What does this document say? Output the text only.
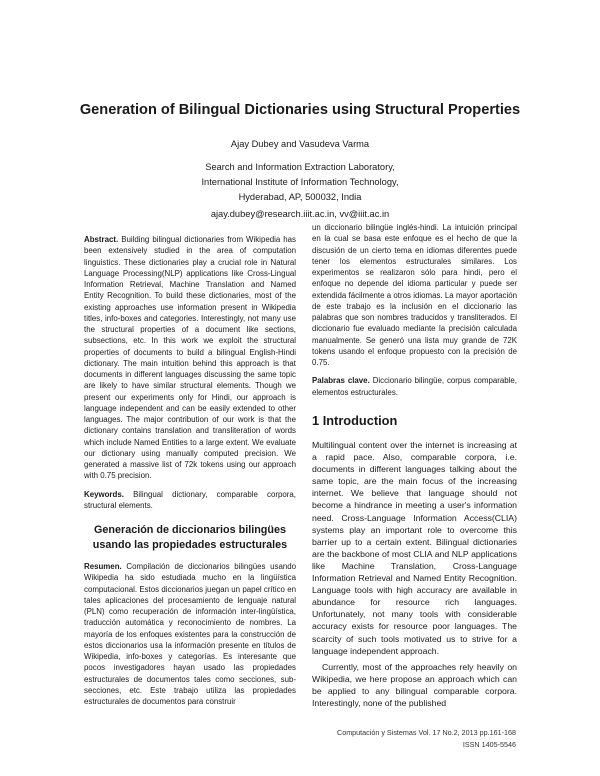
Generation of Bilingual Dictionaries using Structural Properties
Ajay Dubey and Vasudeva Varma
Search and Information Extraction Laboratory,
International Institute of Information Technology,
Hyderabad, AP, 500032, India
ajay.dubey@research.iiit.ac.in, vv@iiit.ac.in

Abstract. Building bilingual dictionaries from Wikipedia has been extensively studied in the area of computation linguistics. These dictionaries play a crucial role in Natural Language Processing(NLP) applications like Cross-Lingual Information Retrieval, Machine Translation and Named Entity Recognition. To build these dictionaries, most of the existing approaches use information present in Wikipedia titles, info-boxes and categories. Interestingly, not many use the structural properties of a document like sections, subsections, etc. In this work we exploit the structural properties of documents to build a bilingual English-Hindi dictionary. The main intuition behind this approach is that documents in different languages discussing the same topic are likely to have similar structural elements. Though we present our experiments only for Hindi, our approach is language independent and can be easily extended to other languages. The major contribution of our work is that the dictionary contains translation and transliteration of words which include Named Entities to a large extent. We evaluate our dictionary using manually computed precision. We generated a massive list of 72k tokens using our approach with 0.75 precision.

Keywords. Bilingual dictionary, comparable corpora, structural elements.

Generación de diccionarios bilingües
usando las propiedades estructurales

Resumen. Compilación de diccionarios bilingües usando Wikipedia ha sido estudiada mucho en la lingüística computacional. Estos diccionarios juegan un papel crítico en tales aplicaciones del procesamiento de lenguaje natural (PLN) como recuperación de información inter-lingüística, traducción automática y reconocimiento de nombres. La mayoría de los enfoques existentes para la construcción de estos diccionarios usa la información presente en títulos de Wikipedia, info-boxes y categorías. Es interesante que pocos investigadores hayan usado las propiedades estructurales de documentos tales como secciones, sub-secciones, etc. Este trabajo utiliza las propiedades estructurales de documentos para construir

un diccionario bilingüe inglés-hindi. La intuición principal en la cual se basa este enfoque es el hecho de que la discusión de un cierto tema en idiomas diferentes puede tener los elementos estructurales similares. Los experimentos se realizaron sólo para hindi, pero el enfoque no depende del idioma particular y puede ser extendida fácilmente a otros idiomas. La mayor aportación de este trabajo es la inclusión en el diccionario las palabras que son nombres traducidos y transliterados. El diccionario fue evaluado mediante la precisión calculada manualmente. Se generó una lista muy grande de 72K tokens usando el enfoque propuesto con la precisión de 0.75.

Palabras clave. Diccionario bilingüe, corpus comparable, elementos estructurales.

1 Introduction

Multilingual content over the internet is increasing at a rapid pace. Also, comparable corpora, i.e. documents in different languages talking about the same topic, are the main focus of the increasing internet. We believe that language should not become a hindrance in meeting a user's information need. Cross-Language Information Access(CLIA) systems play an important role to overcome this barrier up to a certain extent. Bilingual dictionaries are the backbone of most CLIA and NLP applications like Machine Translation, Cross-Language Information Retrieval and Named Entity Recognition. Language tools with high accuracy are available in abundance for resource rich languages. Unfortunately, not many tools with considerable accuracy exists for resource poor languages. The scarcity of such tools motivated us to strive for a language independent approach.

Currently, most of the approaches rely heavily on Wikipedia, we here propose an approach which can be applied to any bilingual comparable corpora. Interestingly, none of the published

Computación y Sistemas Vol. 17 No.2, 2013 pp.161-168
ISSN 1405-5546
